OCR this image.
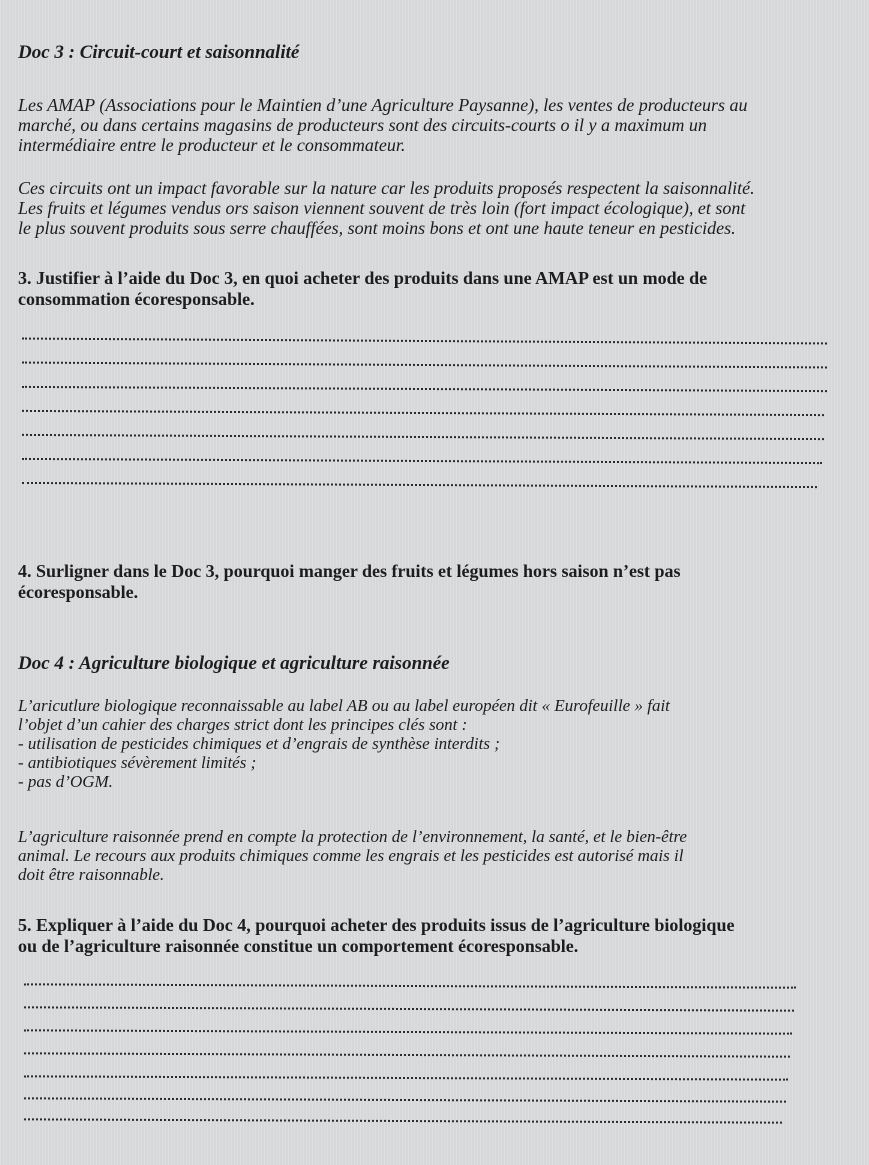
Doc 3 : Circuit-court et saisonnalité
Les AMAP (Associations pour le Maintien d’une Agriculture Paysanne), les ventes de producteurs au
marché, ou dans certains magasins de producteurs sont des circuits-courts o il y a maximum un
intermédiaire entre le producteur et le consommateur.
Ces circuits ont un impact favorable sur la nature car les produits proposés respectent la saisonnalité.
Les fruits et légumes vendus ors saison viennent souvent de très loin (fort impact écologique), et sont
le plus souvent produits sous serre chauffées, sont moins bons et ont une haute teneur en pesticides.
3. Justifier à l’aide du Doc 3, en quoi acheter des produits dans une AMAP est un mode de
consommation écoresponsable.
4. Surligner dans le Doc 3, pourquoi manger des fruits et légumes hors saison n’est pas
écoresponsable.
Doc 4 : Agriculture biologique et agriculture raisonnée
L’aricutlure biologique reconnaissable au label AB ou au label européen dit « Eurofeuille » fait
l’objet d’un cahier des charges strict dont les principes clés sont :
- utilisation de pesticides chimiques et d’engrais de synthèse interdits ;
- antibiotiques sévèrement limités ;
- pas d’OGM.
L’agriculture raisonnée prend en compte la protection de l’environnement, la santé, et le bien-être
animal. Le recours aux produits chimiques comme les engrais et les pesticides est autorisé mais il
doit être raisonnable.
5. Expliquer à l’aide du Doc 4, pourquoi acheter des produits issus de l’agriculture biologique
ou de l’agriculture raisonnée constitue un comportement écoresponsable.
